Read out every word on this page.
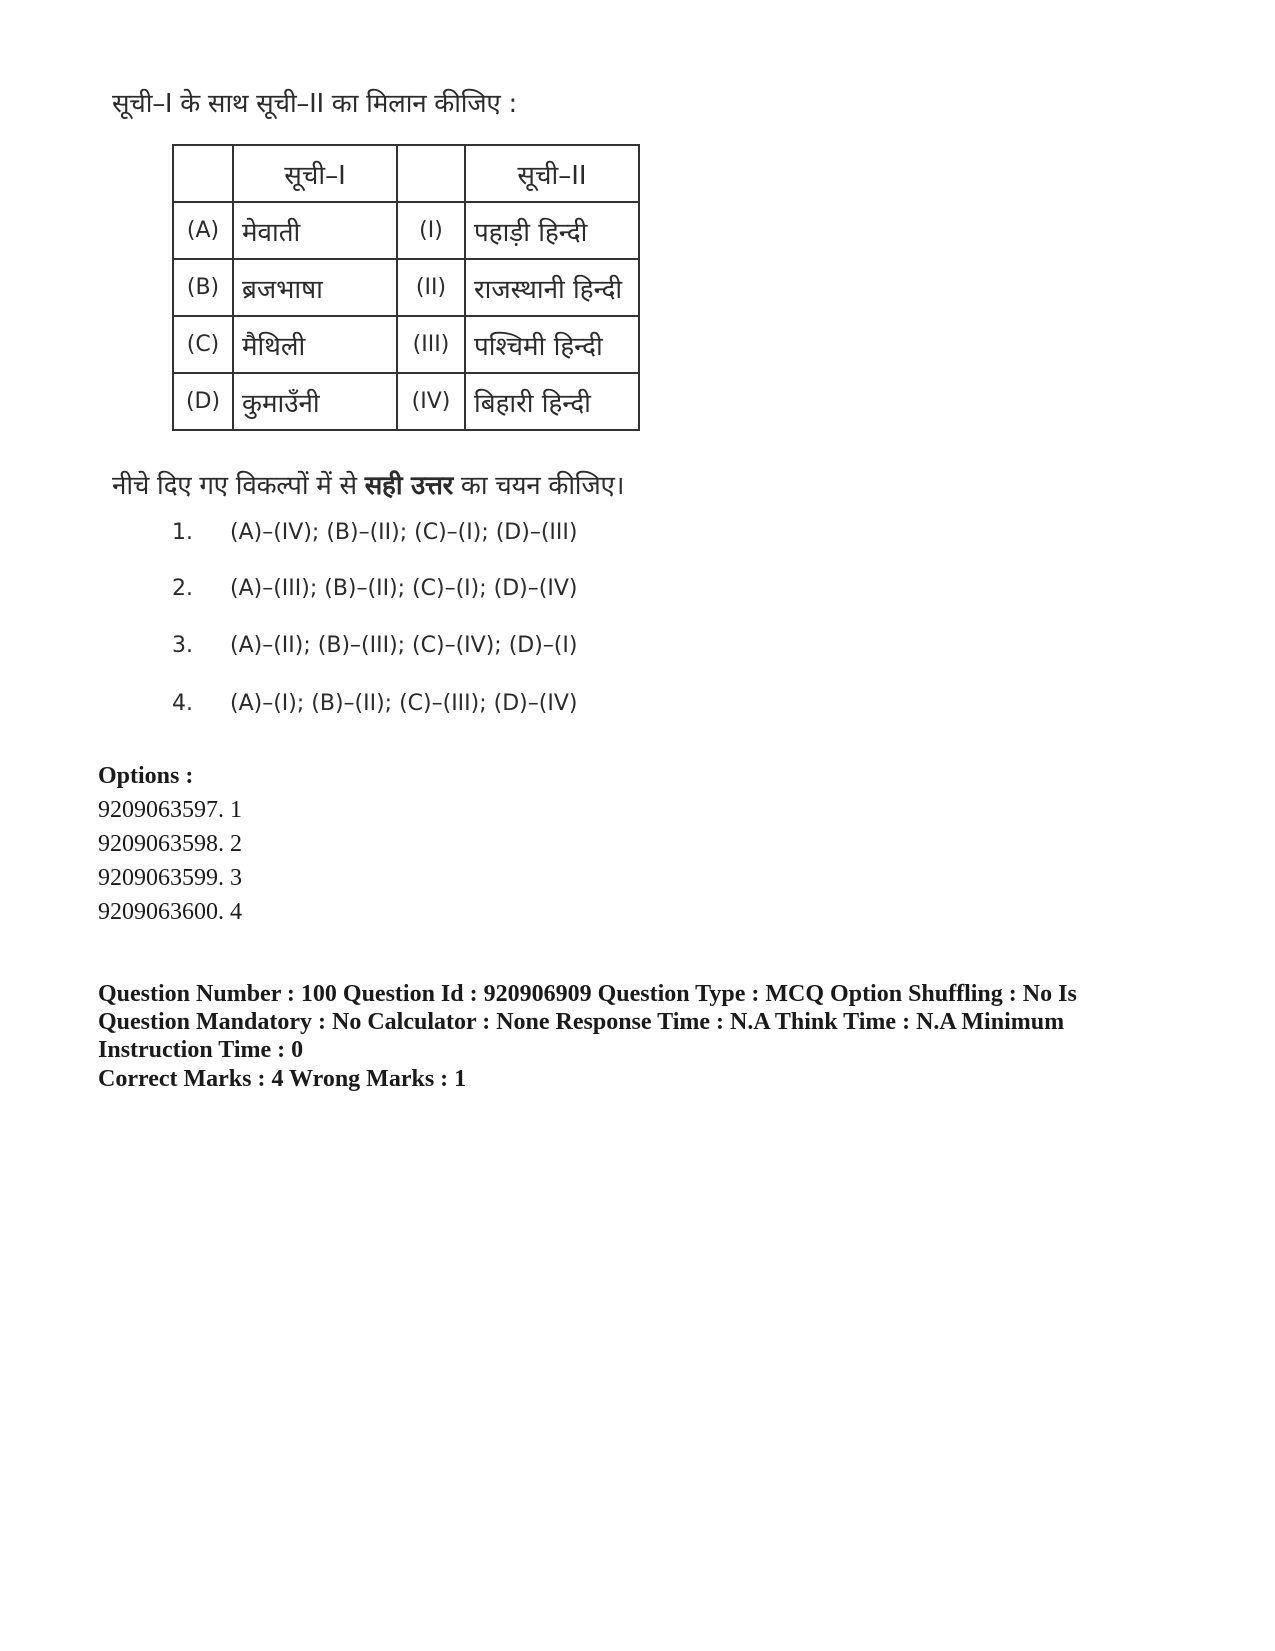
सूची–I के साथ सूची–II का मिलान कीजिए :
	सूची–I		सूची–II
(A)	मेवाती	(I)	पहाड़ी हिन्दी
(B)	ब्रजभाषा	(II)	राजस्थानी हिन्दी
(C)	मैथिली	(III)	पश्चिमी हिन्दी
(D)	कुमाउँनी	(IV)	बिहारी हिन्दी
नीचे दिए गए विकल्पों में से सही उत्तर का चयन कीजिए।
1. (A)–(IV); (B)–(II); (C)–(I); (D)–(III)
2. (A)–(III); (B)–(II); (C)–(I); (D)–(IV)
3. (A)–(II); (B)–(III); (C)–(IV); (D)–(I)
4. (A)–(I); (B)–(II); (C)–(III); (D)–(IV)
Options :
9209063597. 1
9209063598. 2
9209063599. 3
9209063600. 4
Question Number : 100 Question Id : 920906909 Question Type : MCQ Option Shuffling : No Is
Question Mandatory : No Calculator : None Response Time : N.A Think Time : N.A Minimum
Instruction Time : 0
Correct Marks : 4 Wrong Marks : 1
